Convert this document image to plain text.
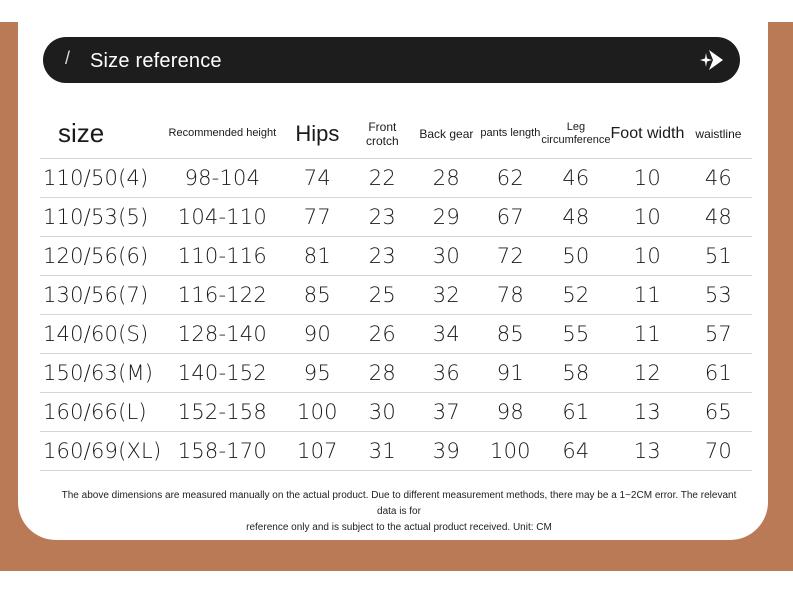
/ Size reference
size	Recommended height	Hips	Front crotch	Back gear	pants length	Leg circumference	Foot width	waistline
110/50(4)	98-104	74	22	28	62	46	10	46
110/53(5)	104-110	77	23	29	67	48	10	48
120/56(6)	110-116	81	23	30	72	50	10	51
130/56(7)	116-122	85	25	32	78	52	11	53
140/60(S)	128-140	90	26	34	85	55	11	57
150/63(M)	140-152	95	28	36	91	58	12	61
160/66(L)	152-158	100	30	37	98	61	13	65
160/69(XL)	158-170	107	31	39	100	64	13	70
The above dimensions are measured manually on the actual product. Due to different measurement methods, there may be a 1~2CM error. The relevant data is for
reference only and is subject to the actual product received. Unit: CM
